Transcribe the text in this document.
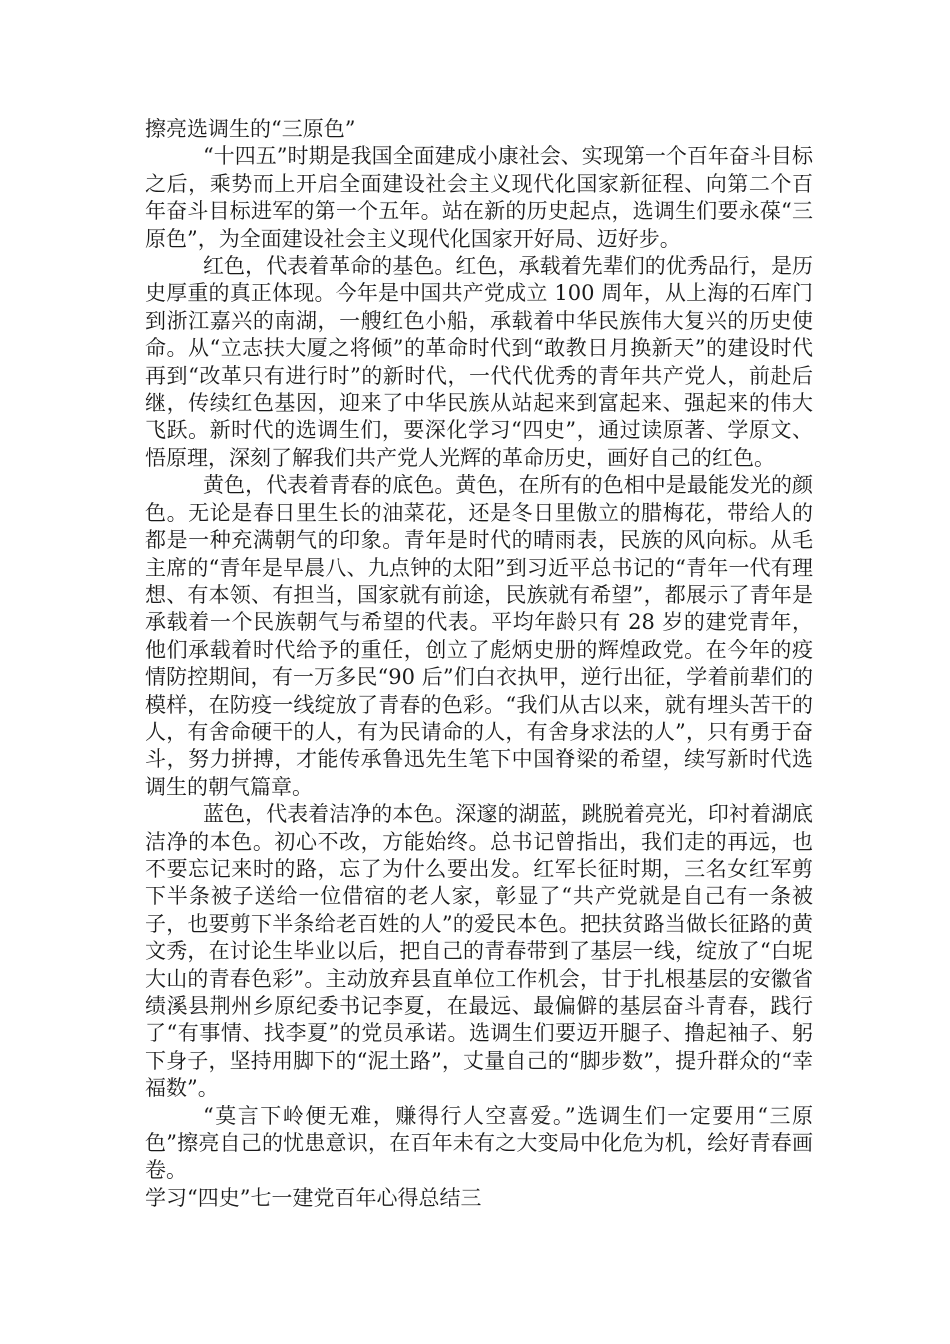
擦亮选调生的“三原色”

“十四五”时期是我国全面建成小康社会、实现第一个百年奋斗目标之后，乘势而上开启全面建设社会主义现代化国家新征程、向第二个百年奋斗目标进军的第一个五年。站在新的历史起点，选调生们要永葆“三原色”，为全面建设社会主义现代化国家开好局、迈好步。

红色，代表着革命的基色。红色，承载着先辈们的优秀品行，是历史厚重的真正体现。今年是中国共产党成立 100 周年，从上海的石库门到浙江嘉兴的南湖，一艘红色小船，承载着中华民族伟大复兴的历史使命。从“立志扶大厦之将倾”的革命时代到“敢教日月换新天”的建设时代再到“改革只有进行时”的新时代，一代代优秀的青年共产党人，前赴后继，传续红色基因，迎来了中华民族从站起来到富起来、强起来的伟大飞跃。新时代的选调生们，要深化学习“四史”，通过读原著、学原文、悟原理，深刻了解我们共产党人光辉的革命历史，画好自己的红色。

黄色，代表着青春的底色。黄色，在所有的色相中是最能发光的颜色。无论是春日里生长的油菜花，还是冬日里傲立的腊梅花，带给人的都是一种充满朝气的印象。青年是时代的晴雨表，民族的风向标。从毛主席的“青年是早晨八、九点钟的太阳”到习近平总书记的“青年一代有理想、有本领、有担当，国家就有前途，民族就有希望”，都展示了青年是承载着一个民族朝气与希望的代表。平均年龄只有 28 岁的建党青年，他们承载着时代给予的重任，创立了彪炳史册的辉煌政党。在今年的疫情防控期间，有一万多民“90 后”们白衣执甲，逆行出征，学着前辈们的模样，在防疫一线绽放了青春的色彩。“我们从古以来，就有埋头苦干的人，有舍命硬干的人，有为民请命的人，有舍身求法的人”，只有勇于奋斗，努力拼搏，才能传承鲁迅先生笔下中国脊梁的希望，续写新时代选调生的朝气篇章。

蓝色，代表着洁净的本色。深邃的湖蓝，跳脱着亮光，印衬着湖底洁净的本色。初心不改，方能始终。总书记曾指出，我们走的再远，也不要忘记来时的路，忘了为什么要出发。红军长征时期，三名女红军剪下半条被子送给一位借宿的老人家，彰显了“共产党就是自己有一条被子，也要剪下半条给老百姓的人”的爱民本色。把扶贫路当做长征路的黄文秀，在讨论生毕业以后，把自己的青春带到了基层一线，绽放了“白坭大山的青春色彩”。主动放弃县直单位工作机会，甘于扎根基层的安徽省绩溪县荆州乡原纪委书记李夏，在最远、最偏僻的基层奋斗青春，践行了“有事情、找李夏”的党员承诺。选调生们要迈开腿子、撸起袖子、躬下身子，坚持用脚下的“泥土路”，丈量自己的“脚步数”，提升群众的“幸福数”。

“莫言下岭便无难，赚得行人空喜爱。”选调生们一定要用“三原色”擦亮自己的忧患意识，在百年未有之大变局中化危为机，绘好青春画卷。

学习“四史”七一建党百年心得总结三
